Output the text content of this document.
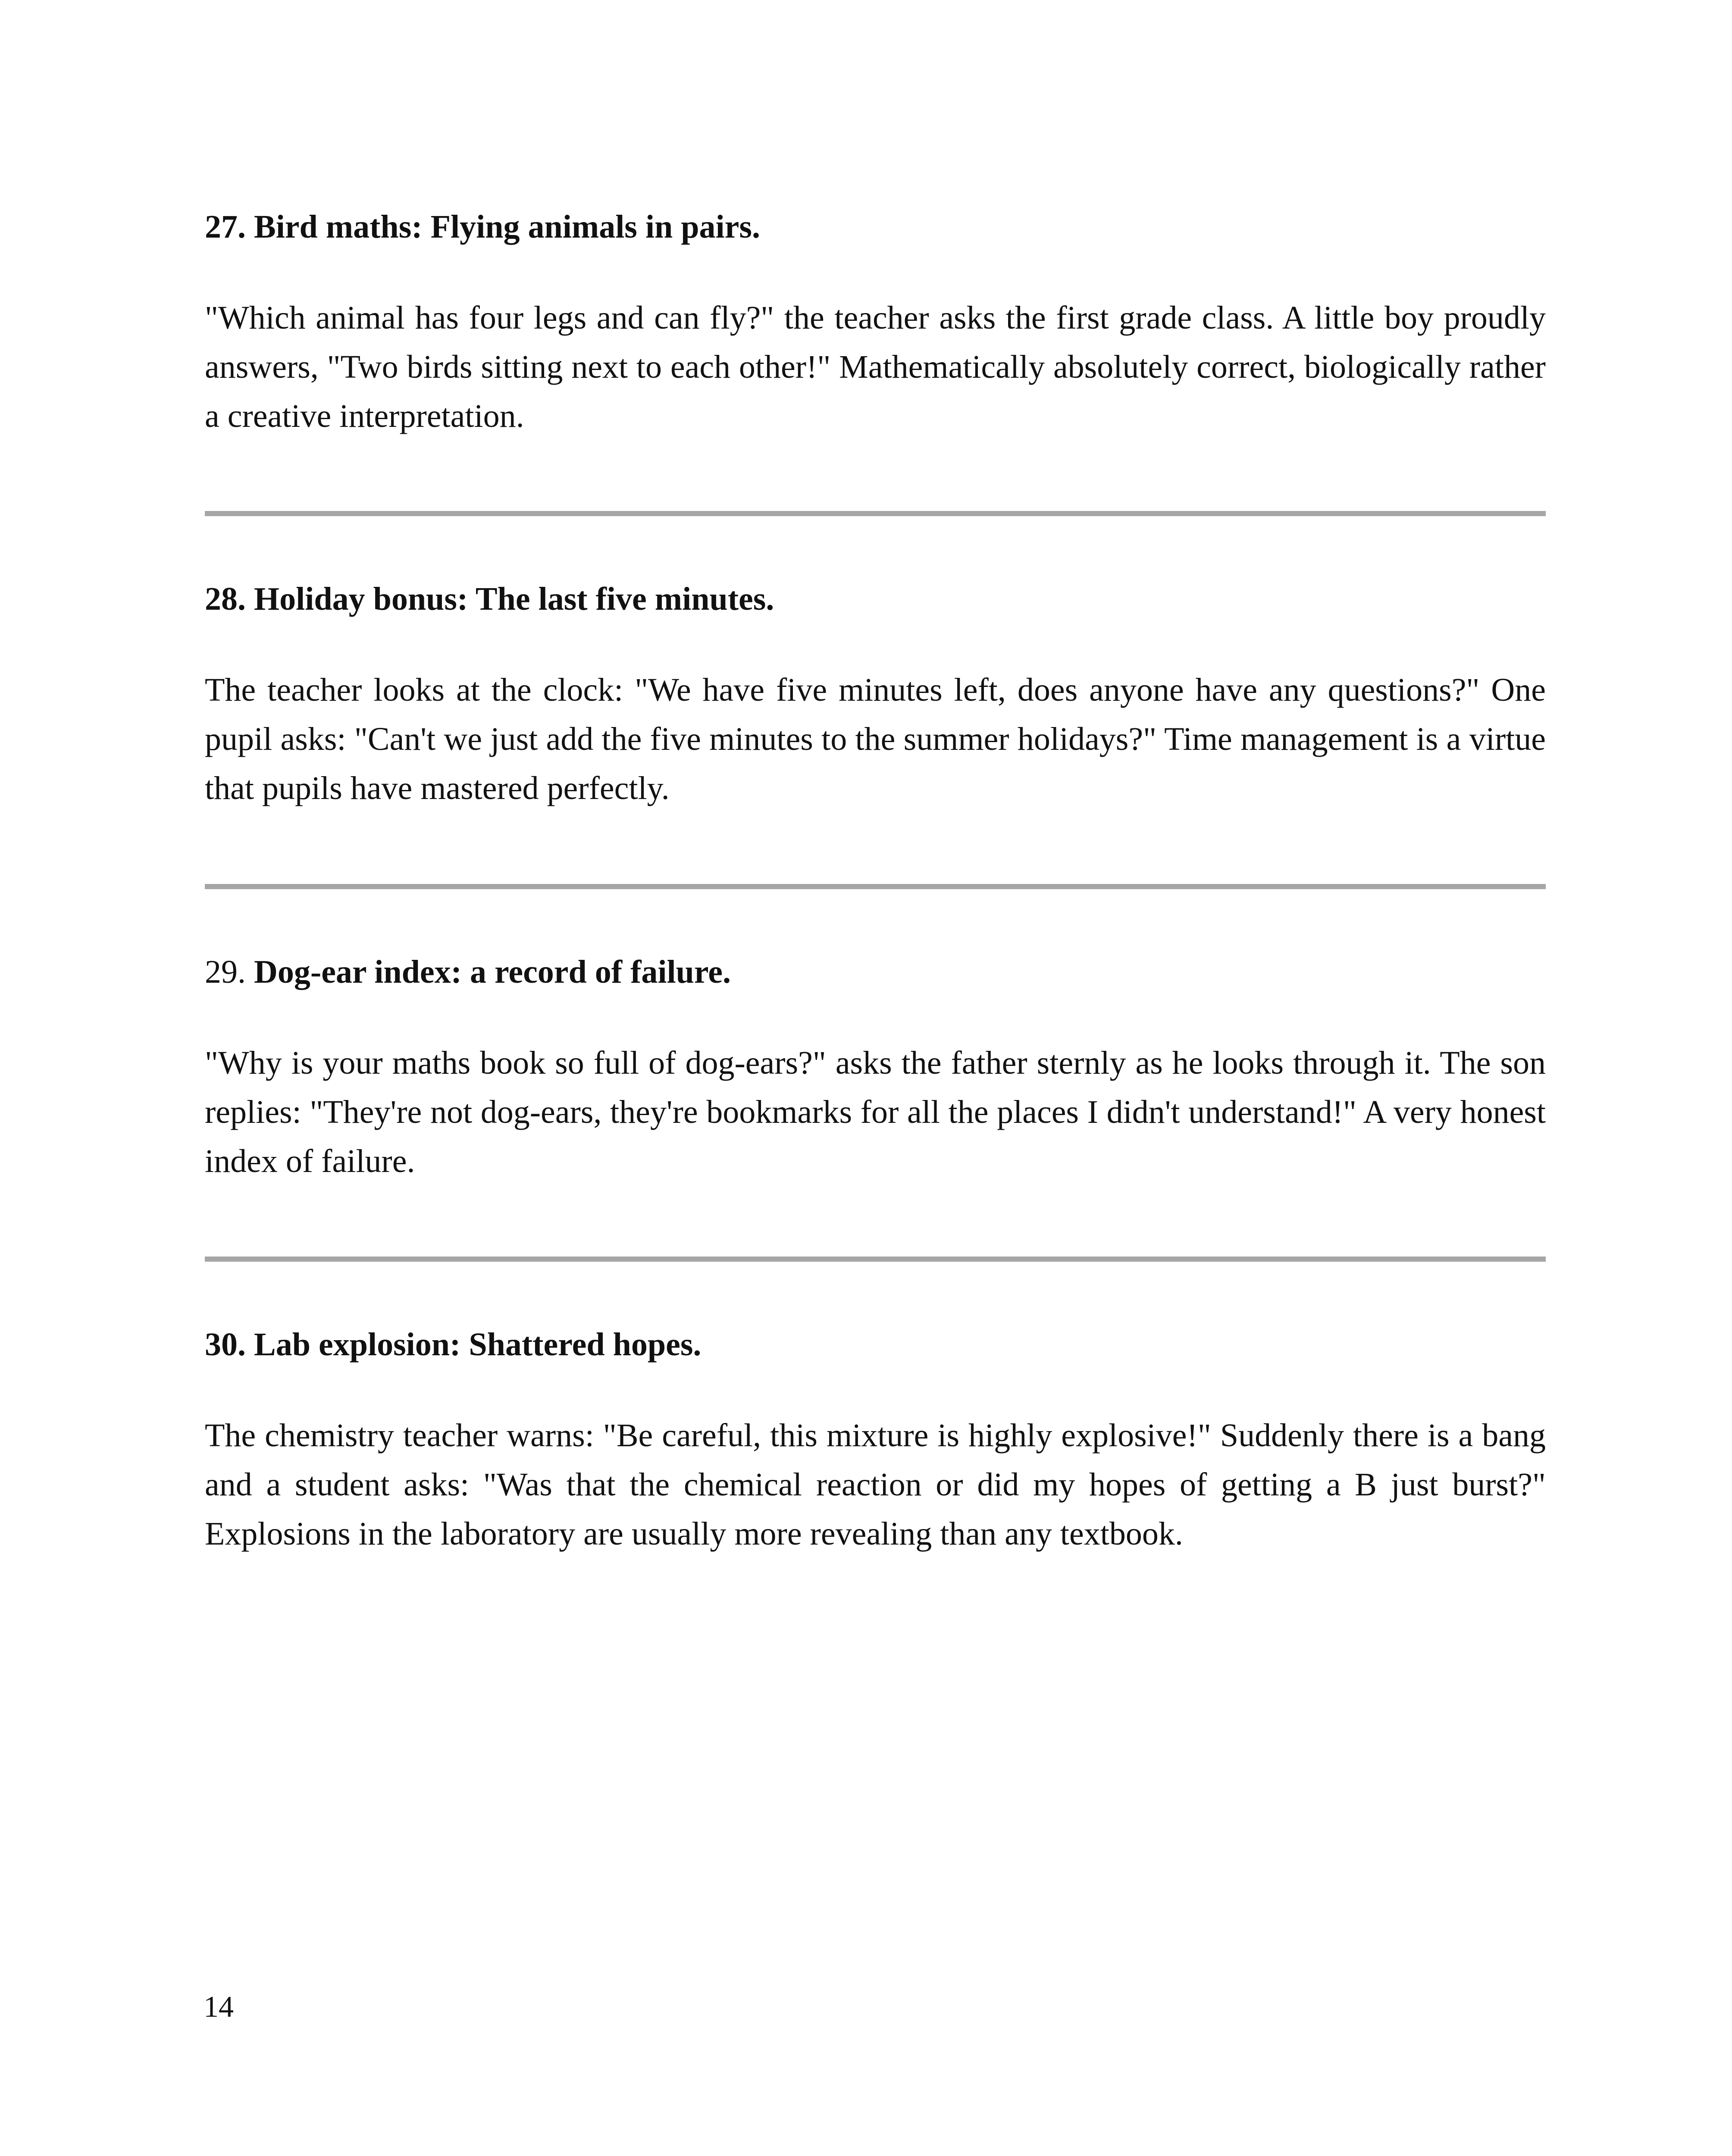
27. Bird maths: Flying animals in pairs.

"Which animal has four legs and can fly?" the teacher asks the first grade class. A little boy proudly answers, "Two birds sitting next to each other!" Mathematically absolutely correct, biologically rather a creative interpretation.

28. Holiday bonus: The last five minutes.

The teacher looks at the clock: "We have five minutes left, does anyone have any questions?" One pupil asks: "Can't we just add the five minutes to the summer holidays?" Time management is a virtue that pupils have mastered perfectly.

29. Dog-ear index: a record of failure.

"Why is your maths book so full of dog-ears?" asks the father sternly as he looks through it. The son replies: "They're not dog-ears, they're bookmarks for all the places I didn't understand!" A very honest index of failure.

30. Lab explosion: Shattered hopes.

The chemistry teacher warns: "Be careful, this mixture is highly explosive!" Suddenly there is a bang and a student asks: "Was that the chemical reaction or did my hopes of getting a B just burst?" Explosions in the laboratory are usually more revealing than any textbook.

14
